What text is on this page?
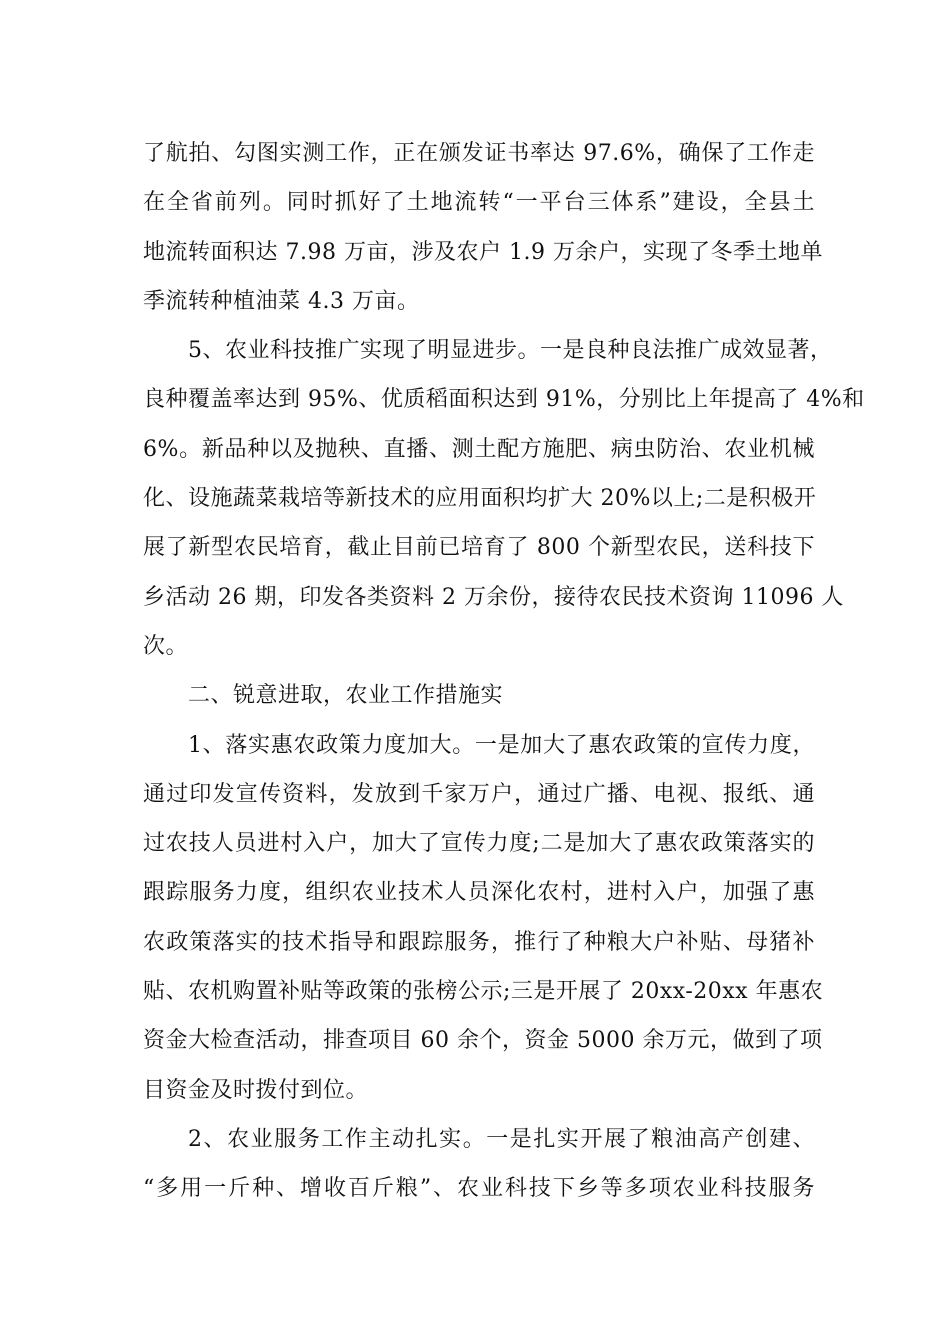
了航拍、勾图实测工作，正在颁发证书率达 97.6%，确保了工作走
在全省前列。同时抓好了土地流转“一平台三体系”建设，全县土
地流转面积达 7.98 万亩，涉及农户 1.9 万余户，实现了冬季土地单
季流转种植油菜 4.3 万亩。
5、农业科技推广实现了明显进步。一是良种良法推广成效显著，
良种覆盖率达到 95%、优质稻面积达到 91%，分别比上年提高了 4%和
6%。新品种以及抛秧、直播、测土配方施肥、病虫防治、农业机械
化、设施蔬菜栽培等新技术的应用面积均扩大 20%以上;二是积极开
展了新型农民培育，截止目前已培育了 800 个新型农民，送科技下
乡活动 26 期，印发各类资料 2 万余份，接待农民技术资询 11096 人
次。
二、锐意进取，农业工作措施实
1、落实惠农政策力度加大。一是加大了惠农政策的宣传力度，
通过印发宣传资料，发放到千家万户，通过广播、电视、报纸、通
过农技人员进村入户，加大了宣传力度;二是加大了惠农政策落实的
跟踪服务力度，组织农业技术人员深化农村，进村入户，加强了惠
农政策落实的技术指导和跟踪服务，推行了种粮大户补贴、母猪补
贴、农机购置补贴等政策的张榜公示;三是开展了 20xx-20xx 年惠农
资金大检查活动，排查项目 60 余个，资金 5000 余万元，做到了项
目资金及时拨付到位。
2、农业服务工作主动扎实。一是扎实开展了粮油高产创建、
“多用一斤种、增收百斤粮”、农业科技下乡等多项农业科技服务
